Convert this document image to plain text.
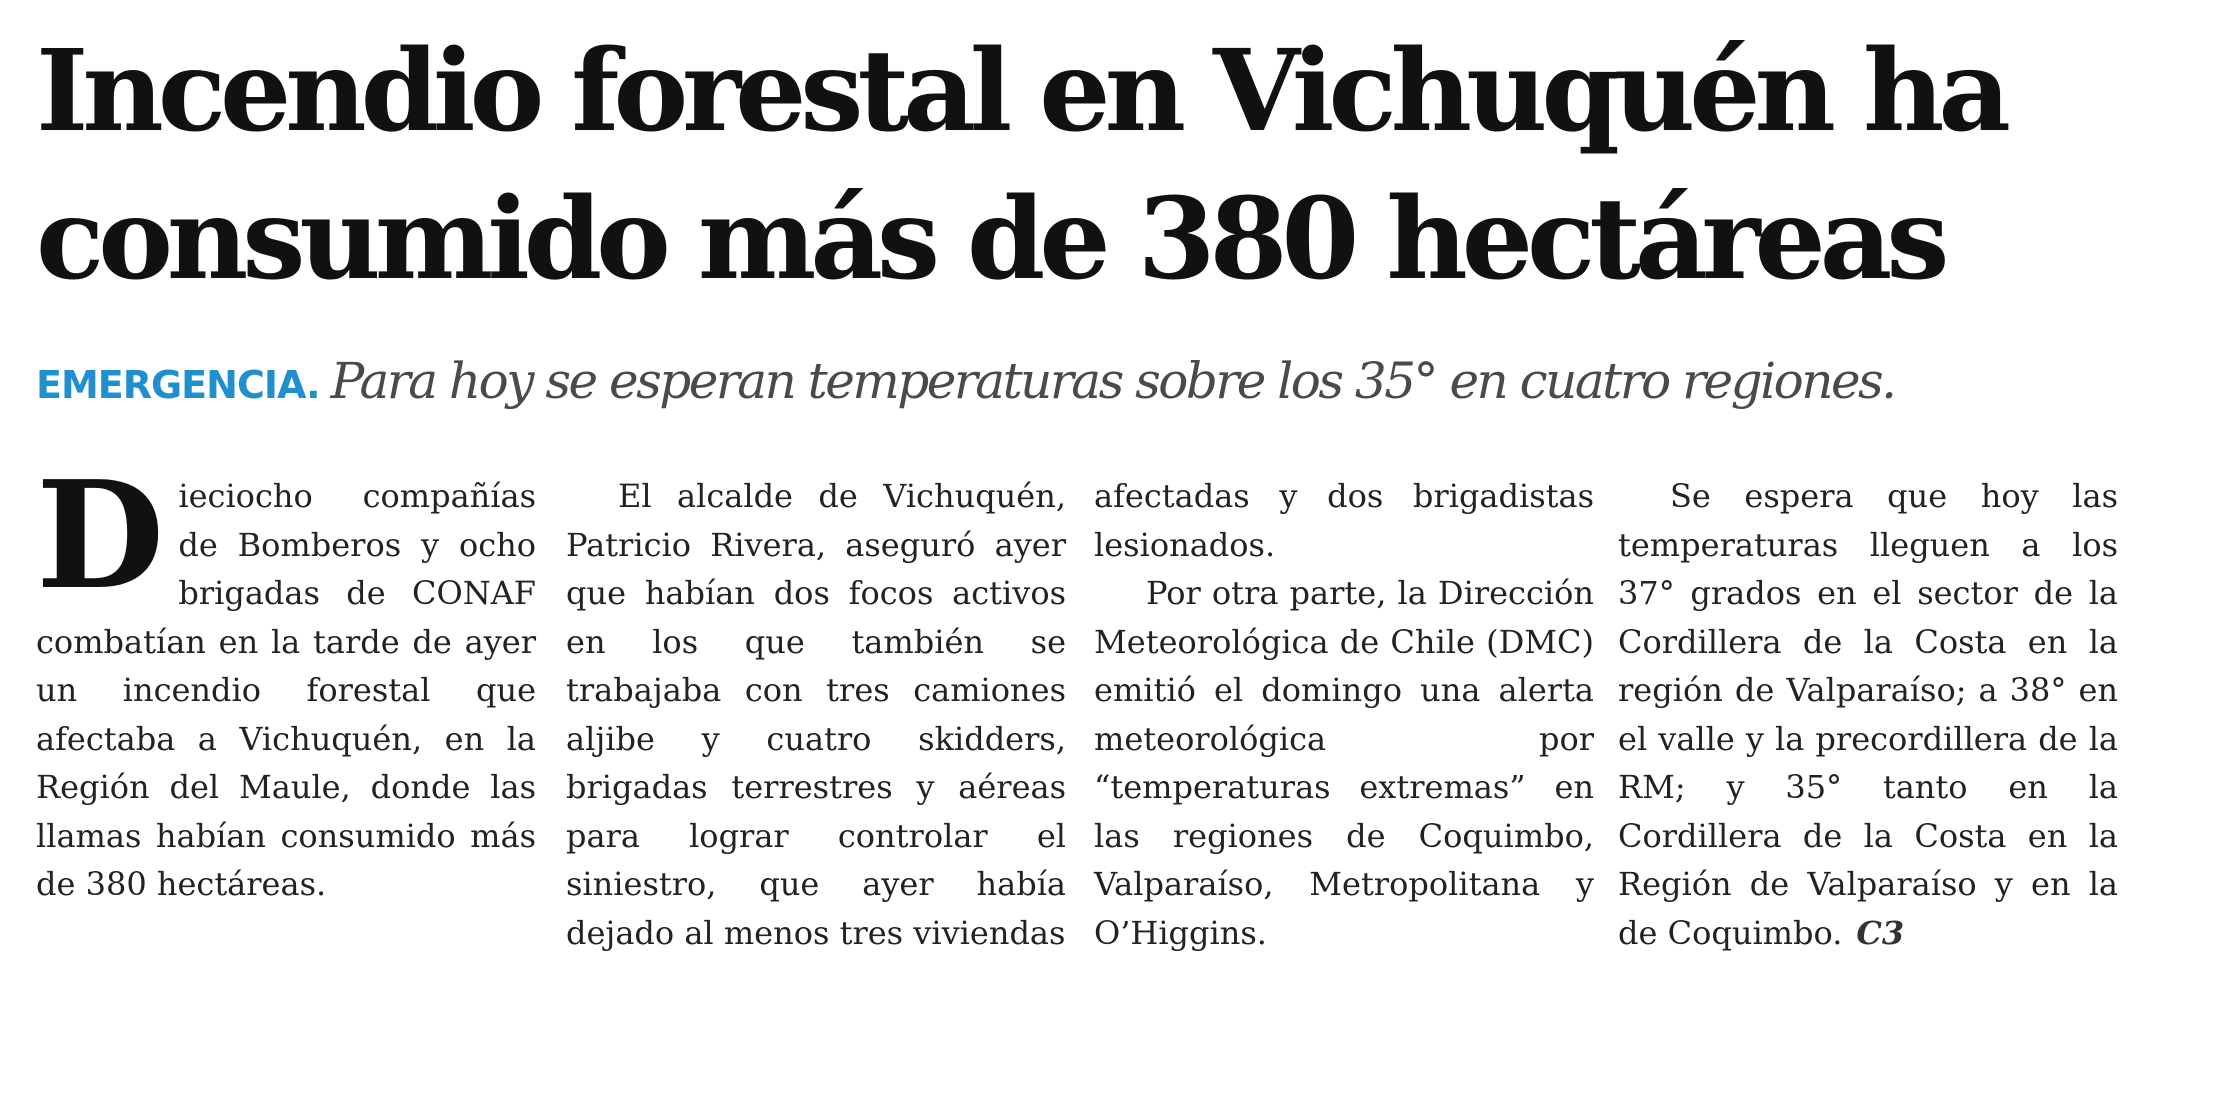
Incendio forestal en Vichuquén ha
consumido más de 380 hectáreas
EMERGENCIA. Para hoy se esperan temperaturas sobre los 35° en cuatro regiones.

Dieciocho compañías de Bomberos y ocho brigadas de CONAF combatían en la tarde de ayer un incendio forestal que afectaba a Vichuquén, en la Región del Maule, donde las llamas habían consumido más de 380 hectáreas.

El alcalde de Vichuquén, Patricio Rivera, aseguró ayer que habían dos focos activos en los que también se trabajaba con tres camiones aljibe y cuatro skidders, brigadas terrestres y aéreas para lograr controlar el siniestro, que ayer había dejado al menos tres viviendas

afectadas y dos brigadistas lesionados.

Por otra parte, la Dirección Meteorológica de Chile (DMC) emitió el domingo una alerta meteorológica por “temperaturas extremas” en las regiones de Coquimbo, Valparaíso, Metropolitana y O’Higgins.

Se espera que hoy las temperaturas lleguen a los 37° grados en el sector de la Cordillera de la Costa en la región de Valparaíso; a 38° en el valle y la precordillera de la RM; y 35° tanto en la Cordillera de la Costa en la Región de Valparaíso y en la de Coquimbo. C3
